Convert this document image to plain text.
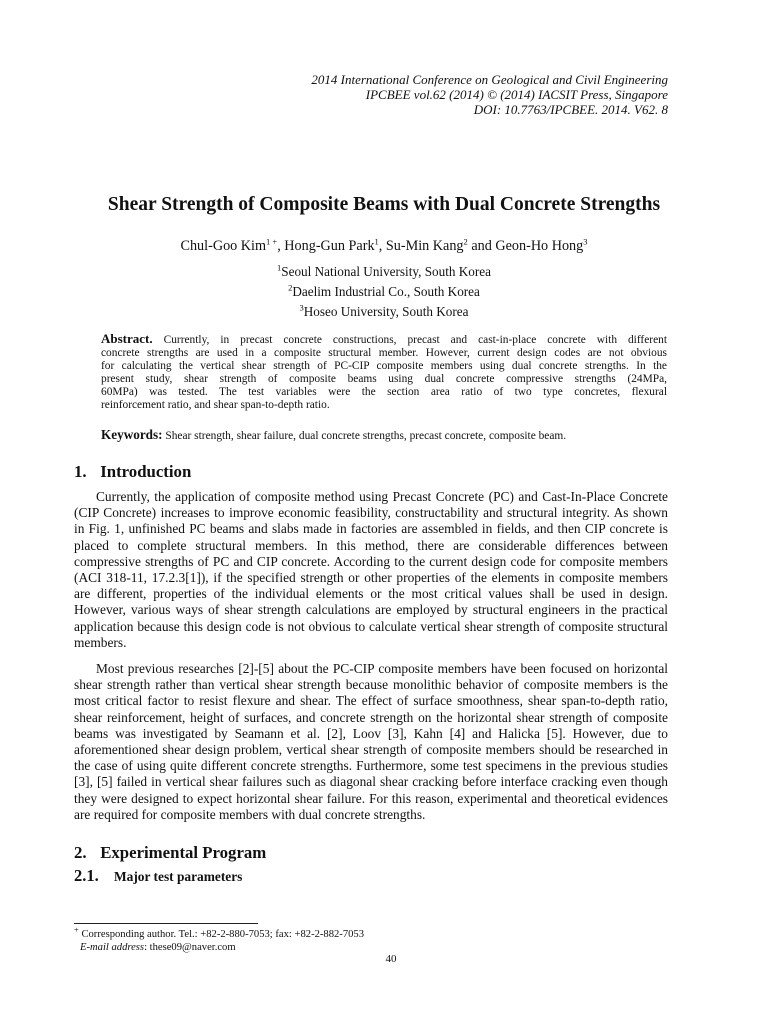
2014 International Conference on Geological and Civil Engineering
IPCBEE vol.62 (2014) © (2014) IACSIT Press, Singapore
DOI: 10.7763/IPCBEE. 2014. V62. 8
Shear Strength of Composite Beams with Dual Concrete Strengths
Chul-Goo Kim$^{1 +}$, Hong-Gun Park$^1$, Su-Min Kang$^2$ and Geon-Ho Hong$^3$
$^1$Seoul National University, South Korea
$^2$Daelim Industrial Co., South Korea
$^3$Hoseo University, South Korea
Abstract. Currently, in precast concrete constructions, precast and cast-in-place concrete with different
concrete strengths are used in a composite structural member. However, current design codes are not obvious
for calculating the vertical shear strength of PC-CIP composite members using dual concrete strengths. In the
present study, shear strength of composite beams using dual concrete compressive strengths (24MPa,
60MPa) was tested. The test variables were the section area ratio of two type concretes, flexural
reinforcement ratio, and shear span-to-depth ratio.
Keywords: Shear strength, shear failure, dual concrete strengths, precast concrete, composite beam.
1. Introduction
Currently, the application of composite method using Precast Concrete (PC) and Cast-In-Place Concrete
(CIP Concrete) increases to improve economic feasibility, constructability and structural integrity. As shown
in Fig. 1, unfinished PC beams and slabs made in factories are assembled in fields, and then CIP concrete is
placed to complete structural members. In this method, there are considerable differences between
compressive strengths of PC and CIP concrete. According to the current design code for composite members
(ACI 318-11, 17.2.3[1]), if the specified strength or other properties of the elements in composite members
are different, properties of the individual elements or the most critical values shall be used in design.
However, various ways of shear strength calculations are employed by structural engineers in the practical
application because this design code is not obvious to calculate vertical shear strength of composite structural
members.
Most previous researches [2]-[5] about the PC-CIP composite members have been focused on horizontal
shear strength rather than vertical shear strength because monolithic behavior of composite members is the
most critical factor to resist flexure and shear. The effect of surface smoothness, shear span-to-depth ratio,
shear reinforcement, height of surfaces, and concrete strength on the horizontal shear strength of composite
beams was investigated by Seamann et al. [2], Loov [3], Kahn [4] and Halicka [5]. However, due to
aforementioned shear design problem, vertical shear strength of composite members should be researched in
the case of using quite different concrete strengths. Furthermore, some test specimens in the previous studies
[3], [5] failed in vertical shear failures such as diagonal shear cracking before interface cracking even though
they were designed to expect horizontal shear failure. For this reason, experimental and theoretical evidences
are required for composite members with dual concrete strengths.
2. Experimental Program
2.1. Major test parameters
+ Corresponding author. Tel.: +82-2-880-7053; fax: +82-2-882-7053
E-mail address: these09@naver.com
40
